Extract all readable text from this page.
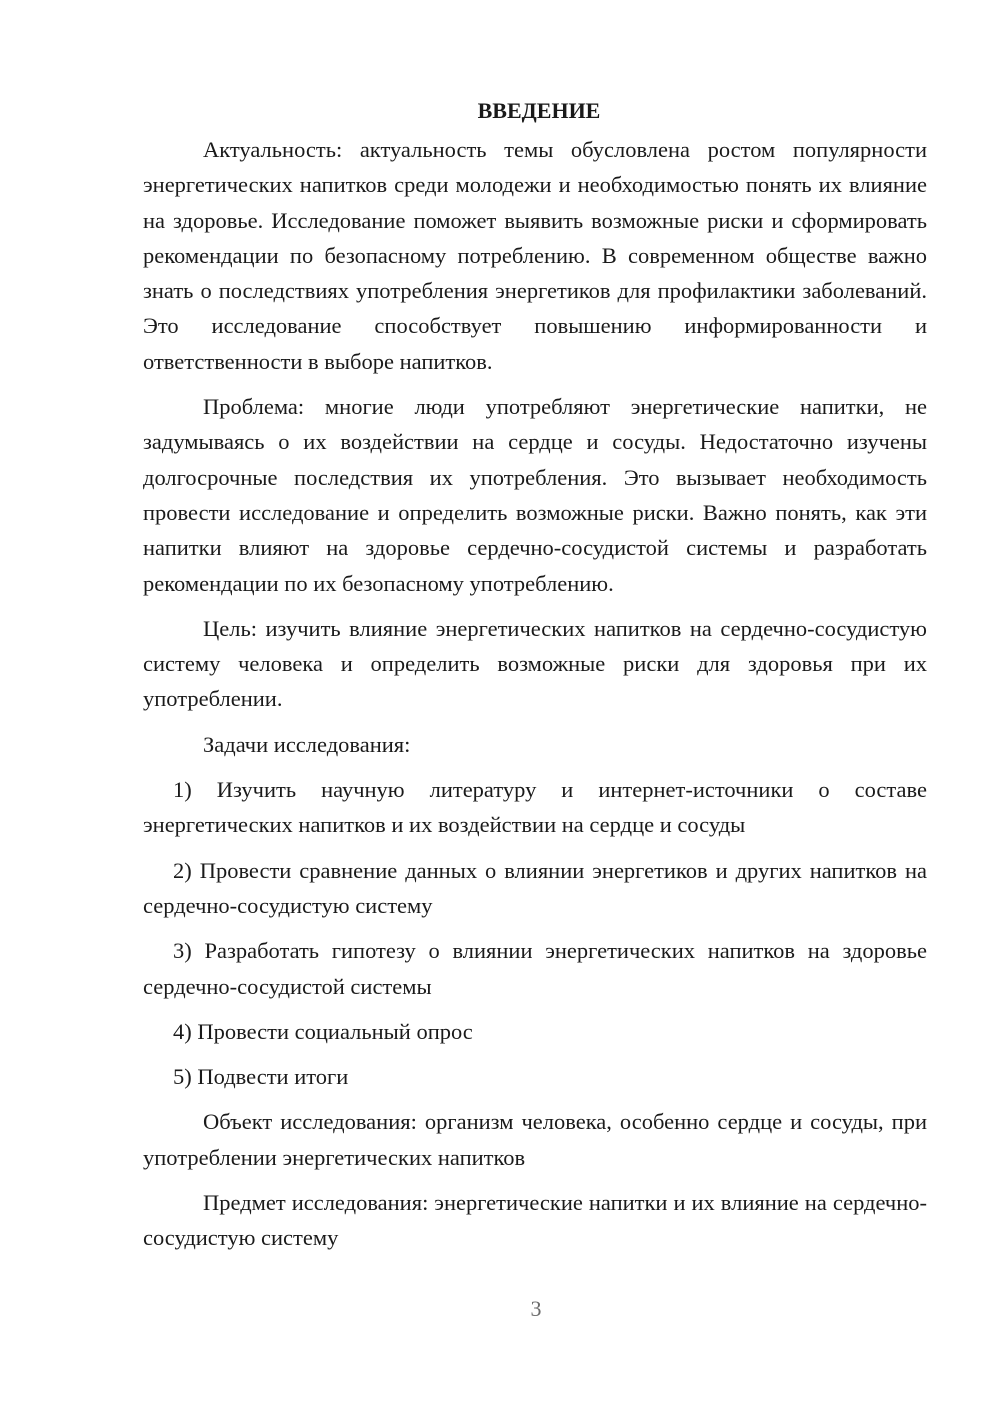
ВВЕДЕНИЕ

Актуальность: актуальность темы обусловлена ростом популярности энергетических напитков среди молодежи и необходимостью понять их влияние на здоровье. Исследование поможет выявить возможные риски и сформировать рекомендации по безопасному потреблению. В современном обществе важно знать о последствиях употребления энергетиков для профилактики заболеваний. Это исследование способствует повышению информированности и ответственности в выборе напитков.

Проблема: многие люди употребляют энергетические напитки, не задумываясь о их воздействии на сердце и сосуды. Недостаточно изучены долгосрочные последствия их употребления. Это вызывает необходимость провести исследование и определить возможные риски. Важно понять, как эти напитки влияют на здоровье сердечно-сосудистой системы и разработать рекомендации по их безопасному употреблению.

Цель: изучить влияние энергетических напитков на сердечно-сосудистую систему человека и определить возможные риски для здоровья при их употреблении.

Задачи исследования:

1) Изучить научную литературу и интернет-источники о составе энергетических напитков и их воздействии на сердце и сосуды

2) Провести сравнение данных о влиянии энергетиков и других напитков на сердечно-сосудистую систему

3) Разработать гипотезу о влиянии энергетических напитков на здоровье сердечно-сосудистой системы

4) Провести социальный опрос

5) Подвести итоги

Объект исследования: организм человека, особенно сердце и сосуды, при употреблении энергетических напитков

Предмет исследования: энергетические напитки и их влияние на сердечно-сосудистую систему

3
